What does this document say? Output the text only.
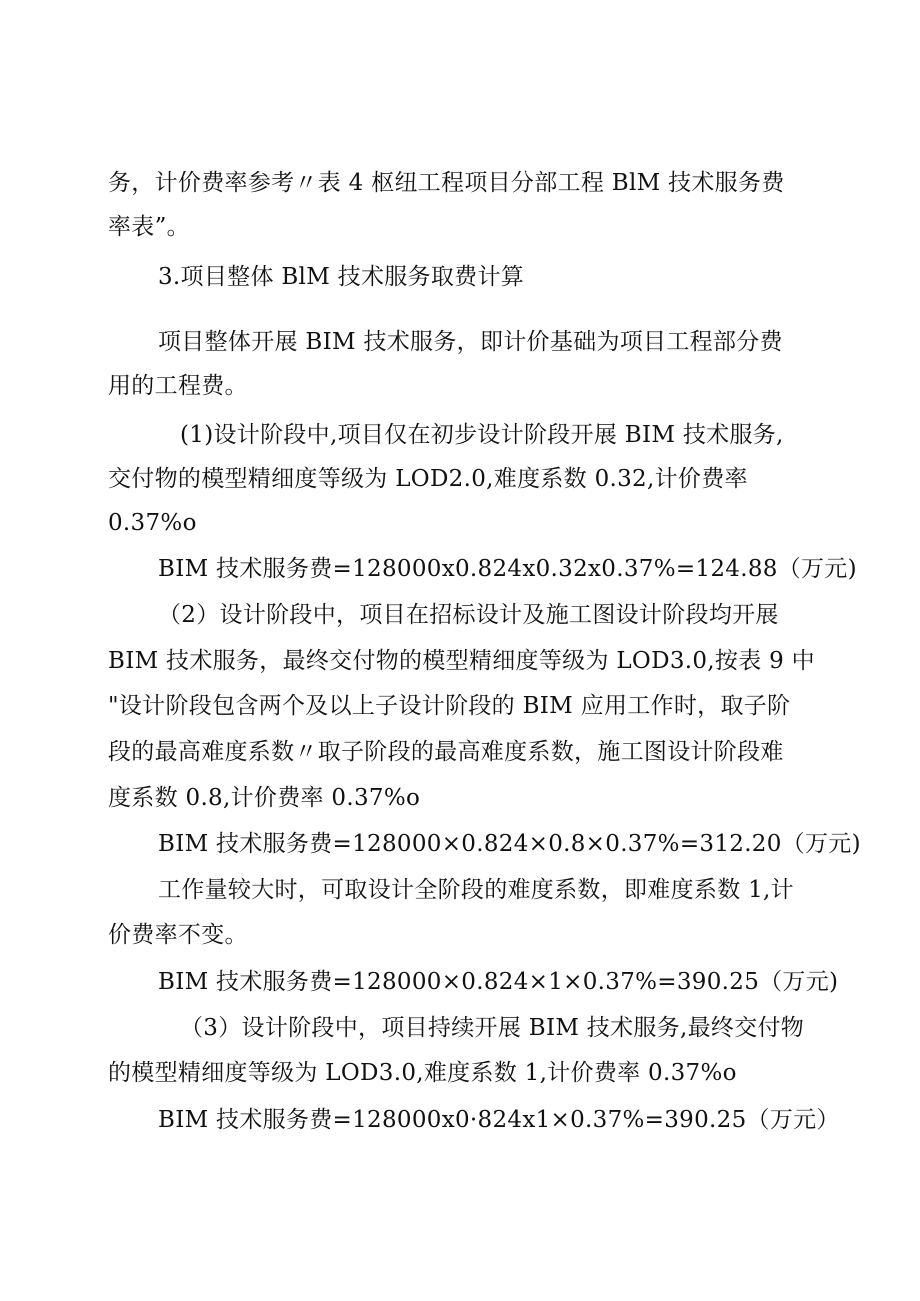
务，计价费率参考〃表 4 枢纽工程项目分部工程 BlM 技术服务费
率表”。
3.项目整体 BlM 技术服务取费计算
项目整体开展 BIM 技术服务，即计价基础为项目工程部分费
用的工程费。
(1)设计阶段中,项目仅在初步设计阶段开展 BIM 技术服务,
交付物的模型精细度等级为 LOD2.0,难度系数 0.32,计价费率
0.37%o
BIM 技术服务费=128000x0.824x0.32x0.37%=124.88（万元)
（2）设计阶段中，项目在招标设计及施工图设计阶段均开展
BIM 技术服务，最终交付物的模型精细度等级为 LOD3.0,按表 9 中
"设计阶段包含两个及以上子设计阶段的 BIM 应用工作时，取子阶
段的最高难度系数〃取子阶段的最高难度系数，施工图设计阶段难
度系数 0.8,计价费率 0.37%o
BIM 技术服务费=128000×0.824×0.8×0.37%=312.20（万元)
工作量较大时，可取设计全阶段的难度系数，即难度系数 1,计
价费率不变。
BIM 技术服务费=128000×0.824×1×0.37%=390.25（万元)
（3）设计阶段中，项目持续开展 BIM 技术服务,最终交付物
的模型精细度等级为 LOD3.0,难度系数 1,计价费率 0.37%o
BIM 技术服务费=128000x0·824x1×0.37%=390.25（万元）
